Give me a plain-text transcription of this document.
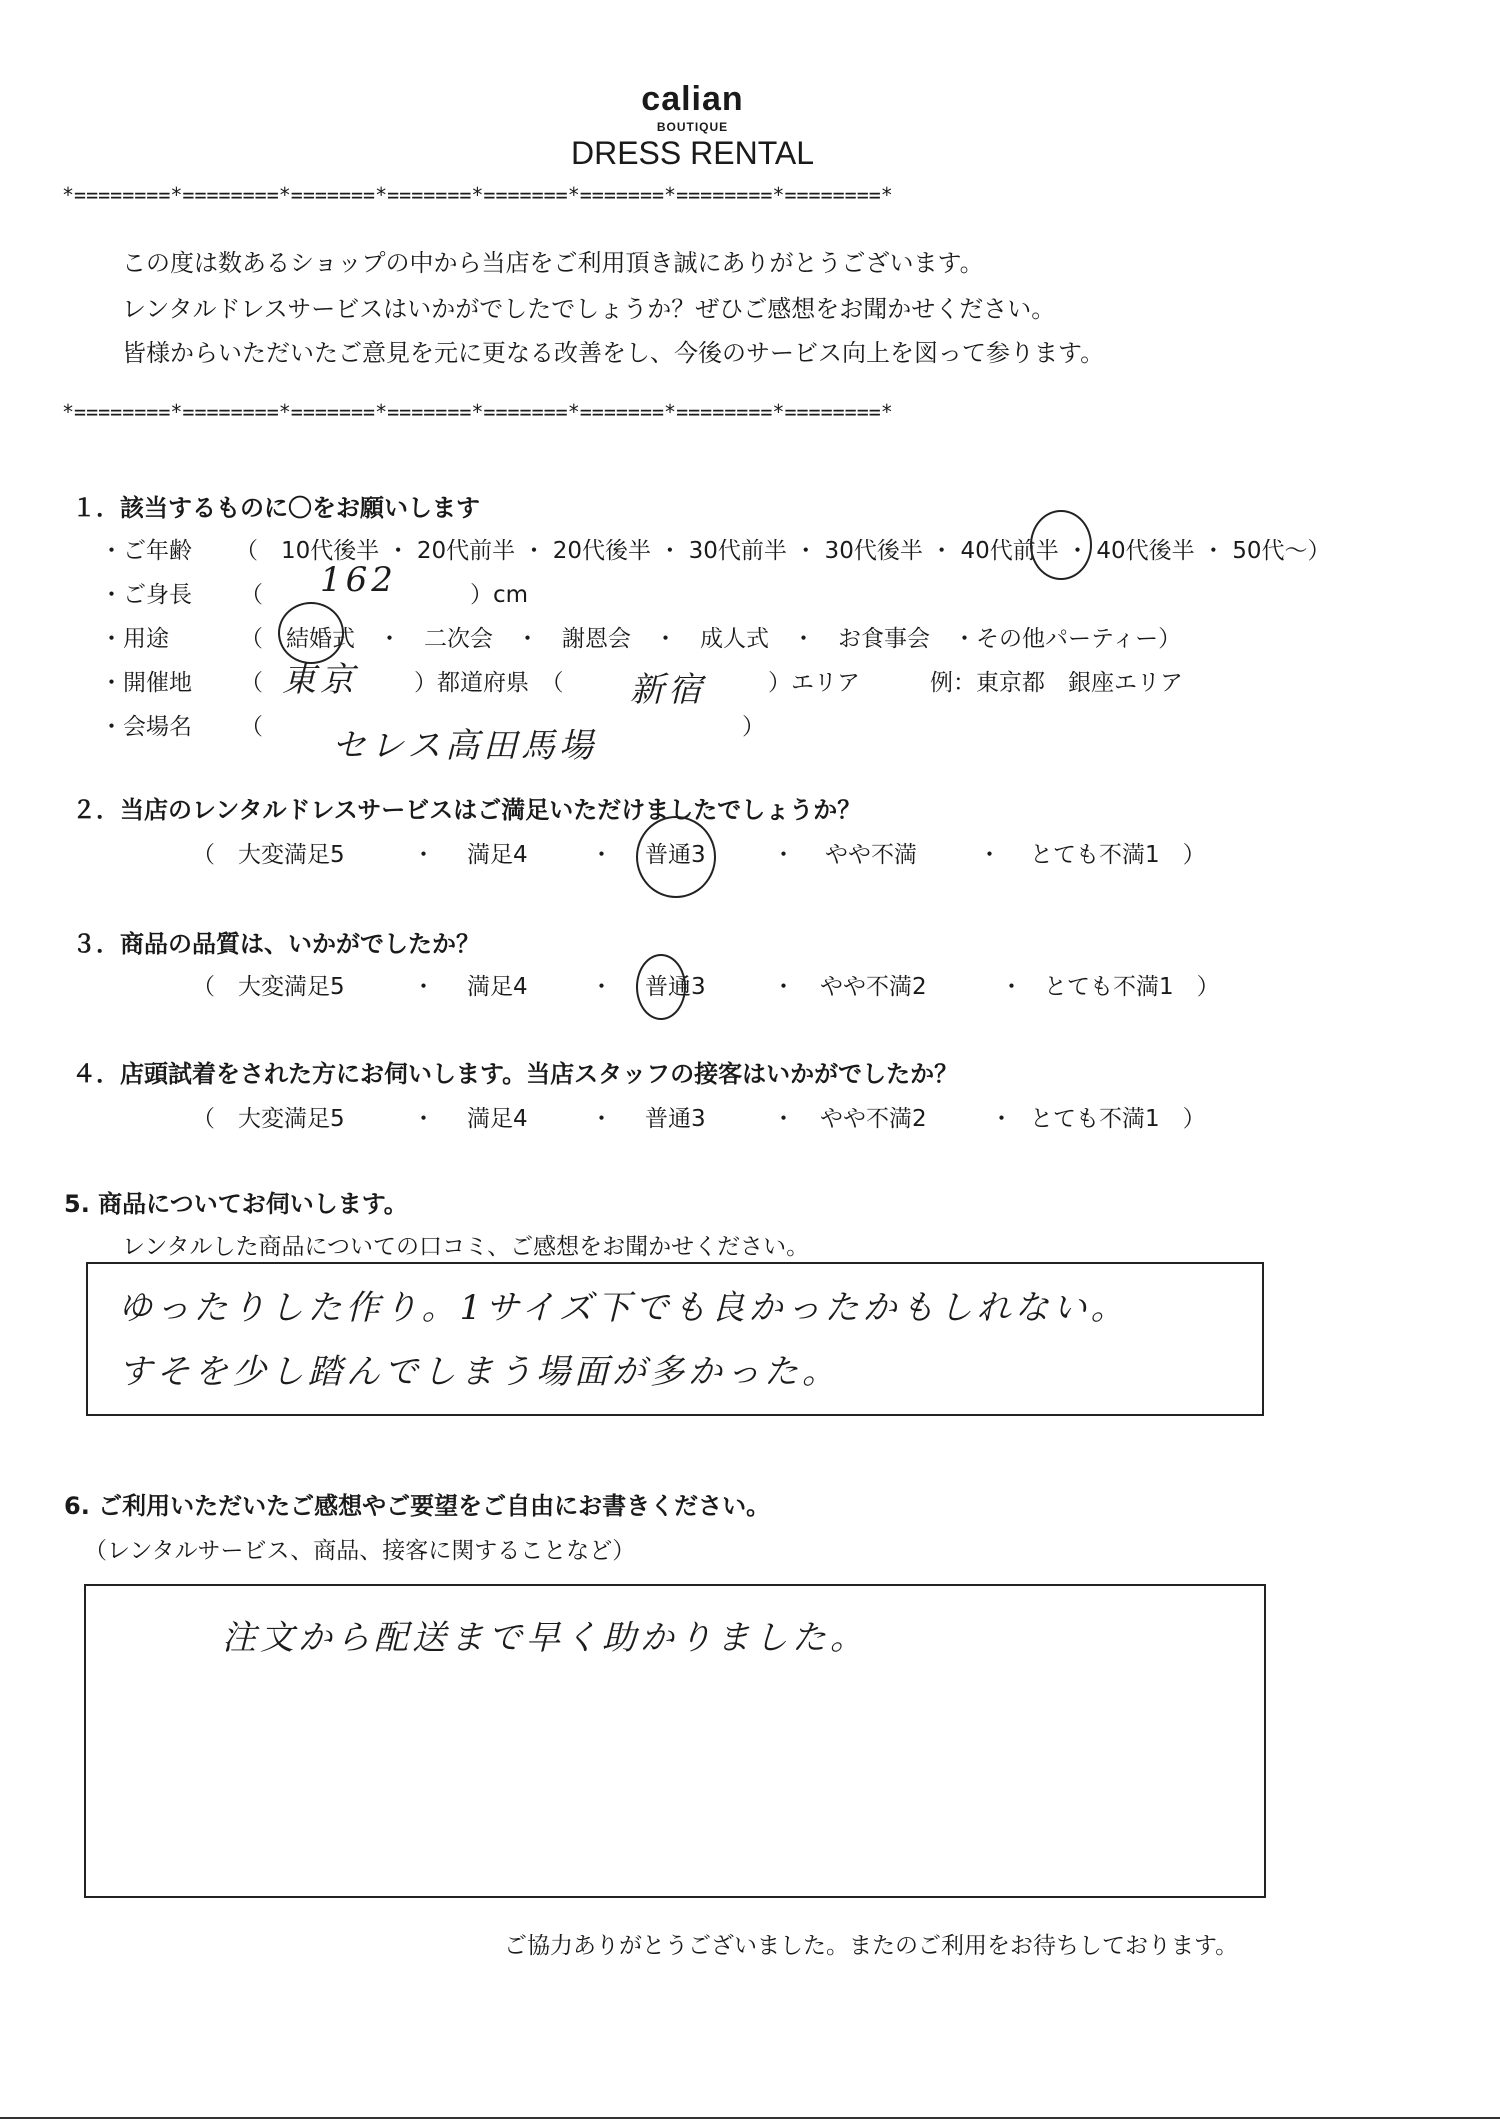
calian
BOUTIQUE
DRESS RENTAL
*========*========*=======*=======*=======*=======*========*========*
この度は数あるショップの中から当店をご利用頂き誠にありがとうございます。
レンタルドレスサービスはいかがでしたでしょうか？ぜひご感想をお聞かせください。
皆様からいただいたご意見を元に更なる改善をし、今後のサービス向上を図って参ります。
*========*========*=======*=======*=======*=======*========*========*
１．該当するものに〇をお願いします
・ご年齢 （　10代後半 ・ 20代前半 ・ 20代後半 ・ 30代前半 ・ 30代後半 ・ 40代前半 ・ 40代後半 ・ 50代～）
・ご身長 （ 162	）cm
・用途	（　結婚式　・　二次会　・　謝恩会　・　成人式　・　お食事会　・その他パーティー）
・開催地 （ 東京 ）都道府県　（ 新宿	）エリア	例：東京都　銀座エリア
・会場名 （ セレス高田馬場	）
２．当店のレンタルドレスサービスはご満足いただけましたでしょうか？
（　大変満足5	・ 満足4	・ 普通3	・ やや不満	・ とても不満1　）
３．商品の品質は、いかがでしたか？
（　大変満足5	・ 満足4	・ 普通3	・ やや不満2	・ とても不満1　）
４．店頭試着をされた方にお伺いします。当店スタッフの接客はいかがでしたか？
（　大変満足5	・ 満足4	・ 普通3	・ やや不満2	・ とても不満1　）
5. 商品についてお伺いします。
レンタルした商品についての口コミ、ご感想をお聞かせください。
ゆったりした作り。1サイズ下でも良かったかもしれない。
すそを少し踏んでしまう場面が多かった。
6. ご利用いただいたご感想やご要望をご自由にお書きください。
（レンタルサービス、商品、接客に関することなど）
注文から配送まで早く助かりました。
ご協力ありがとうございました。またのご利用をお待ちしております。
